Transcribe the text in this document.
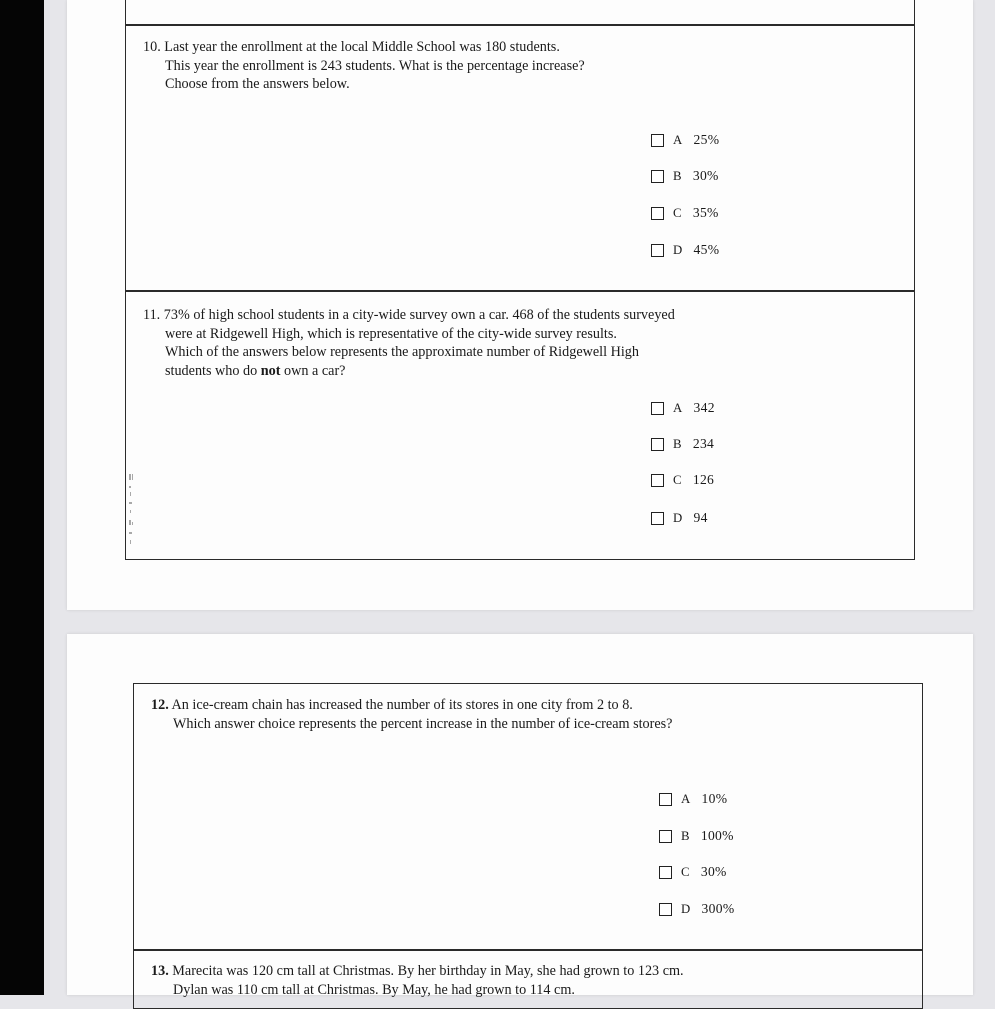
10. Last year the enrollment at the local Middle School was 180 students.
This year the enrollment is 243 students. What is the percentage increase?
Choose from the answers below.

A 25%
B 30%
C 35%
D 45%

11. 73% of high school students in a city-wide survey own a car. 468 of the students surveyed
were at Ridgewell High, which is representative of the city-wide survey results.
Which of the answers below represents the approximate number of Ridgewell High
students who do not own a car?

A 342
B 234
C 126
D 94

12. An ice-cream chain has increased the number of its stores in one city from 2 to 8.
Which answer choice represents the percent increase in the number of ice-cream stores?

A 10%
B 100%
C 30%
D 300%

13. Marecita was 120 cm tall at Christmas. By her birthday in May, she had grown to 123 cm.
Dylan was 110 cm tall at Christmas. By May, he had grown to 114 cm.
